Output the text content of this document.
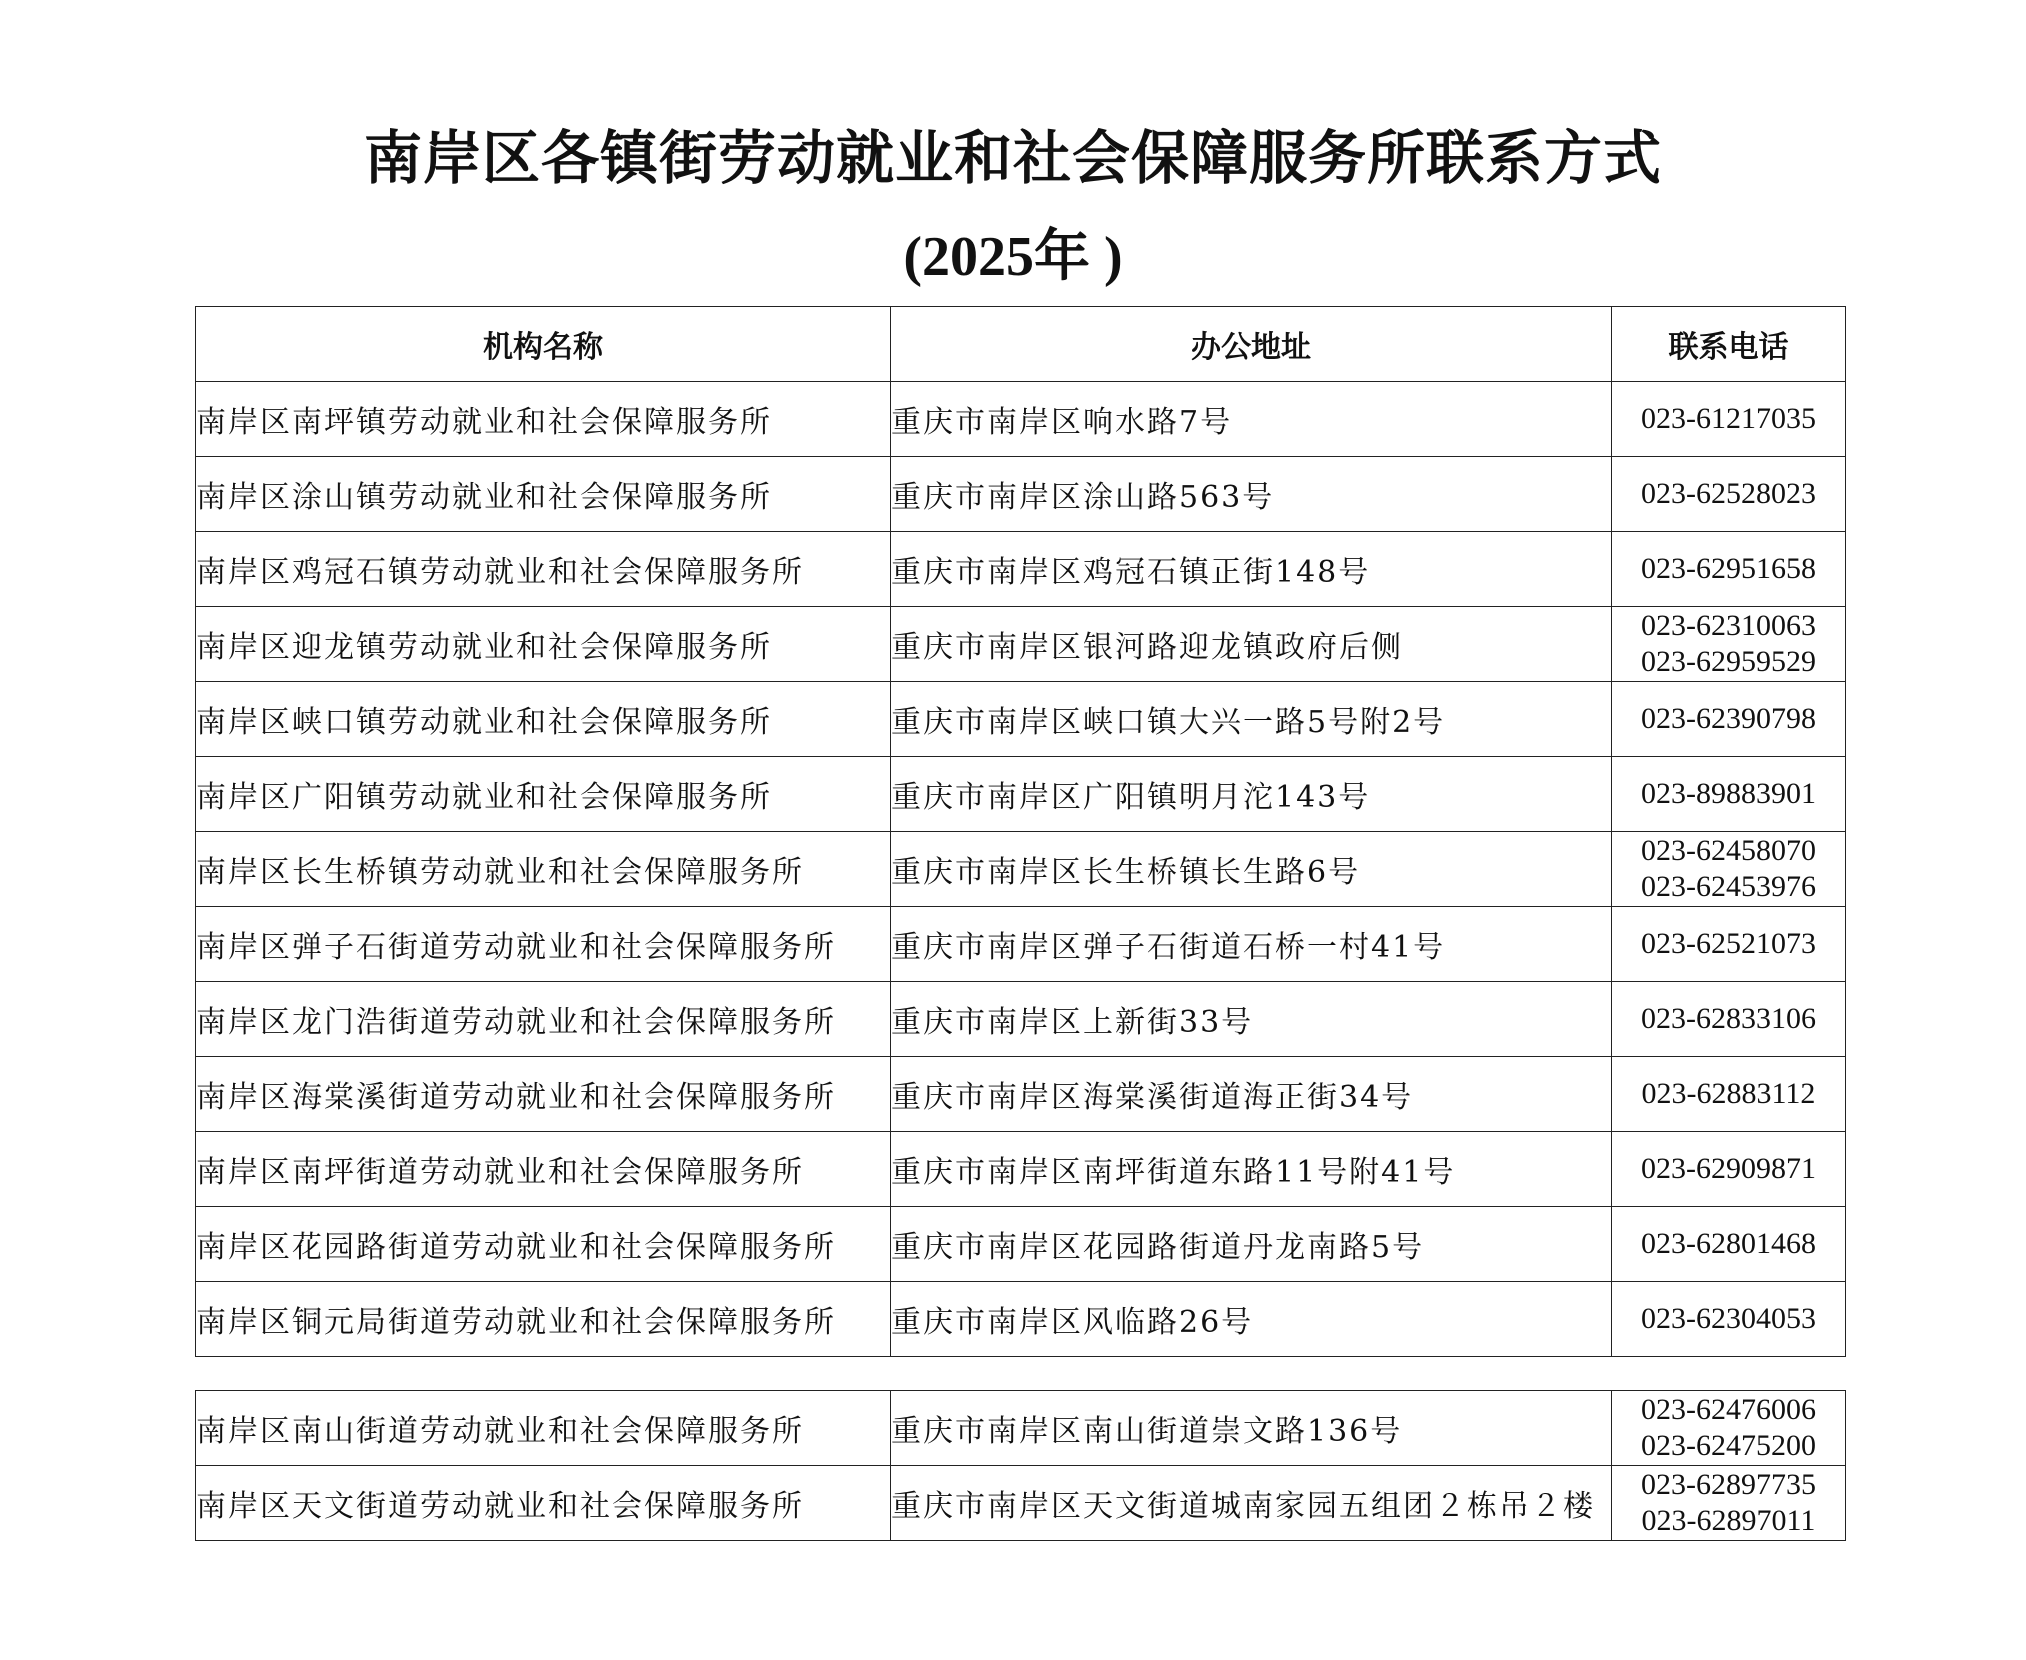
南岸区各镇街劳动就业和社会保障服务所联系方式
(2025年 )
机构名称	办公地址	联系电话
南岸区南坪镇劳动就业和社会保障服务所	重庆市南岸区响水路7号	023-61217035

南岸区涂山镇劳动就业和社会保障服务所	重庆市南岸区涂山路563号	023-62528023

南岸区鸡冠石镇劳动就业和社会保障服务所	重庆市南岸区鸡冠石镇正街148号	023-62951658

南岸区迎龙镇劳动就业和社会保障服务所	重庆市南岸区银河路迎龙镇政府后侧	023-62310063
023-62959529

南岸区峡口镇劳动就业和社会保障服务所	重庆市南岸区峡口镇大兴一路5号附2号	023-62390798

南岸区广阳镇劳动就业和社会保障服务所	重庆市南岸区广阳镇明月沱143号	023-89883901

南岸区长生桥镇劳动就业和社会保障服务所	重庆市南岸区长生桥镇长生路6号	023-62458070
023-62453976

南岸区弹子石街道劳动就业和社会保障服务所	重庆市南岸区弹子石街道石桥一村41号	023-62521073

南岸区龙门浩街道劳动就业和社会保障服务所	重庆市南岸区上新街33号	023-62833106

南岸区海棠溪街道劳动就业和社会保障服务所	重庆市南岸区海棠溪街道海正街34号	023-62883112

南岸区南坪街道劳动就业和社会保障服务所	重庆市南岸区南坪街道东路11号附41号	023-62909871

南岸区花园路街道劳动就业和社会保障服务所	重庆市南岸区花园路街道丹龙南路5号	023-62801468

南岸区铜元局街道劳动就业和社会保障服务所	重庆市南岸区风临路26号	023-62304053
南岸区南山街道劳动就业和社会保障服务所	重庆市南岸区南山街道崇文路136号	023-62476006
023-62475200

南岸区天文街道劳动就业和社会保障服务所	重庆市南岸区天文街道城南家园五组团２栋吊２楼	023-62897735
023-62897011
